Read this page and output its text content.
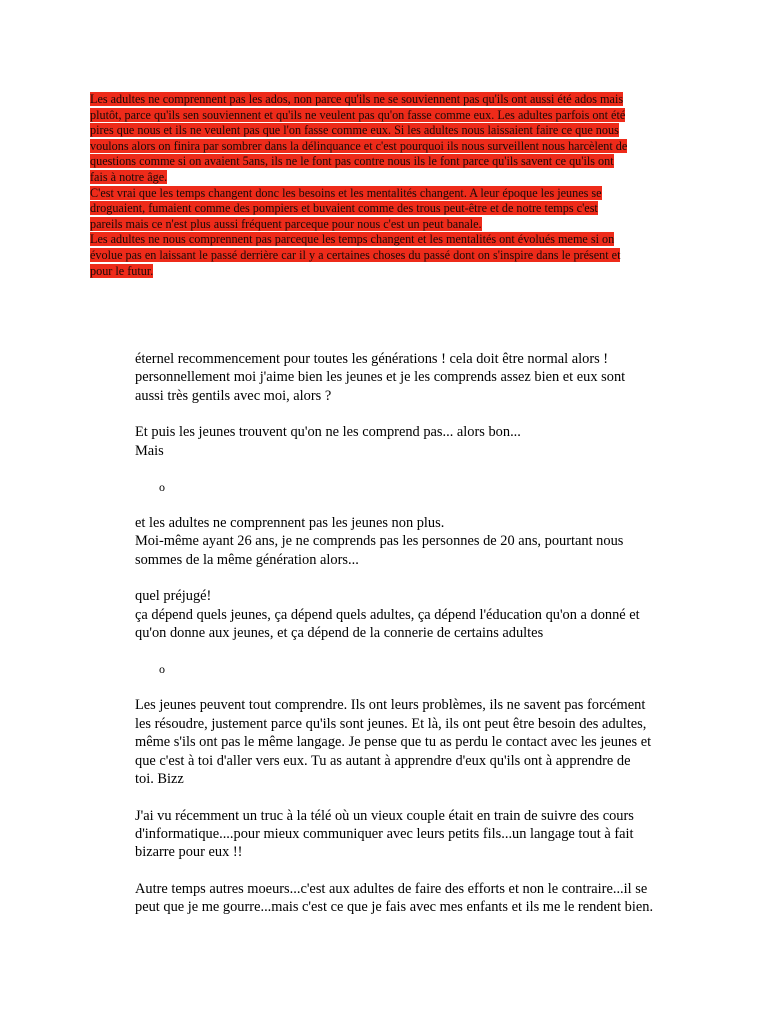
Les adultes ne comprennent pas les ados, non parce qu'ils ne se souviennent pas qu'ils ont aussi été ados mais
plutôt, parce qu'ils sen souviennent et qu'ils ne veulent pas qu'on fasse comme eux. Les adultes parfois ont été
pires que nous et ils ne veulent pas que l'on fasse comme eux. Si les adultes nous laissaient faire ce que nous
voulons alors on finira par sombrer dans la délinquance et c'est pourquoi ils nous surveillent nous harcèlent de
questions comme si on avaient 5ans, ils ne le font pas contre nous ils le font parce qu'ils savent ce qu'ils ont
fais à notre âge.
C'est vrai que les temps changent donc les besoins et les mentalités changent. A leur époque les jeunes se
droguaient, fumaient comme des pompiers et buvaient comme des trous peut-être et de notre temps c'est
pareils mais ce n'est plus aussi fréquent parceque pour nous c'est un peut banale.
Les adultes ne nous comprennent pas parceque les temps changent et les mentalités ont évolués meme si on
évolue pas en laissant le passé derrière car il y a certaines choses du passé dont on s'inspire dans le présent et
pour le futur.
éternel recommencement pour toutes les générations ! cela doit être normal alors !
personnellement moi j'aime bien les jeunes et je les comprends assez bien et eux sont
aussi très gentils avec moi, alors ?
Et puis les jeunes trouvent qu'on ne les comprend pas... alors bon...
Mais
o
et les adultes ne comprennent pas les jeunes non plus.
Moi-même ayant 26 ans, je ne comprends pas les personnes de 20 ans, pourtant nous
sommes de la même génération alors...
quel préjugé!
ça dépend quels jeunes, ça dépend quels adultes, ça dépend l'éducation qu'on a donné et
qu'on donne aux jeunes, et ça dépend de la connerie de certains adultes
o
Les jeunes peuvent tout comprendre. Ils ont leurs problèmes, ils ne savent pas forcément
les résoudre, justement parce qu'ils sont jeunes. Et là, ils ont peut être besoin des adultes,
même s'ils ont pas le même langage. Je pense que tu as perdu le contact avec les jeunes et
que c'est à toi d'aller vers eux. Tu as autant à apprendre d'eux qu'ils ont à apprendre de
toi. Bizz
J'ai vu récemment un truc à la télé où un vieux couple était en train de suivre des cours
d'informatique....pour mieux communiquer avec leurs petits fils...un langage tout à fait
bizarre pour eux !!
Autre temps autres moeurs...c'est aux adultes de faire des efforts et non le contraire...il se
peut que je me gourre...mais c'est ce que je fais avec mes enfants et ils me le rendent bien.
